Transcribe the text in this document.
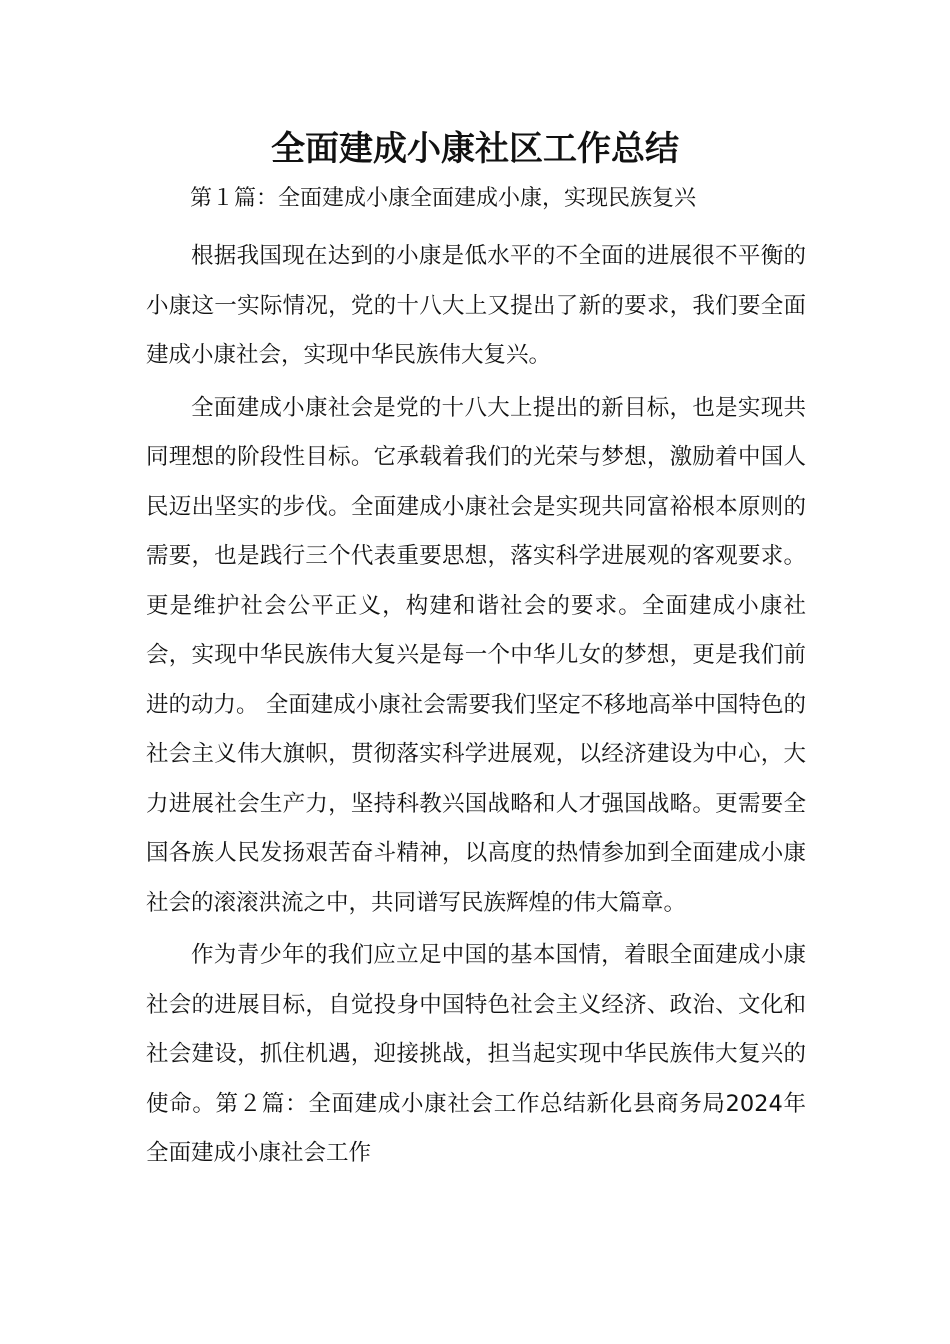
全面建成小康社区工作总结

第１篇：全面建成小康全面建成小康，实现民族复兴

根据我国现在达到的小康是低水平的不全面的进展很不平衡的小康这一实际情况，党的十八大上又提出了新的要求，我们要全面建成小康社会，实现中华民族伟大复兴。

全面建成小康社会是党的十八大上提出的新目标，也是实现共同理想的阶段性目标。它承载着我们的光荣与梦想，激励着中国人民迈出坚实的步伐。全面建成小康社会是实现共同富裕根本原则的需要，也是践行三个代表重要思想，落实科学进展观的客观要求。更是维护社会公平正义，构建和谐社会的要求。全面建成小康社会，实现中华民族伟大复兴是每一个中华儿女的梦想，更是我们前进的动力。 全面建成小康社会需要我们坚定不移地高举中国特色的社会主义伟大旗帜，贯彻落实科学进展观，以经济建设为中心，大力进展社会生产力，坚持科教兴国战略和人才强国战略。更需要全国各族人民发扬艰苦奋斗精神，以高度的热情参加到全面建成小康社会的滚滚洪流之中，共同谱写民族辉煌的伟大篇章。

作为青少年的我们应立足中国的基本国情，着眼全面建成小康社会的进展目标，自觉投身中国特色社会主义经济、政治、文化和社会建设，抓住机遇，迎接挑战，担当起实现中华民族伟大复兴的使命。第２篇：全面建成小康社会工作总结新化县商务局2024年全面建成小康社会工作
